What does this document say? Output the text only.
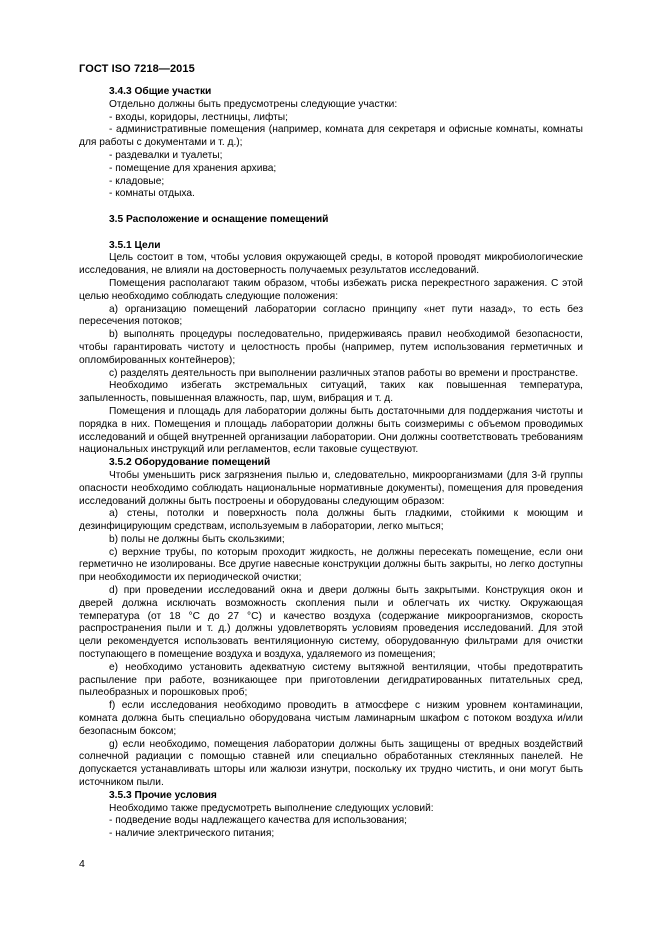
ГОСТ ISO 7218—2015

3.4.3 Общие участки

Отдельно должны быть предусмотрены следующие участки:

- входы, коридоры, лестницы, лифты;

- административные помещения (например, комната для секретаря и офисные комнаты, комнаты для работы с документами и т. д.);

- раздевалки и туалеты;

- помещение для хранения архива;

- кладовые;

- комнаты отдыха.

3.5 Расположение и оснащение помещений

3.5.1 Цели

Цель состоит в том, чтобы условия окружающей среды, в которой проводят микробиологические исследования, не влияли на достоверность получаемых результатов исследований.

Помещения располагают таким образом, чтобы избежать риска перекрестного заражения. С этой целью необходимо соблюдать следующие положения:

a) организацию помещений лаборатории согласно принципу «нет пути назад», то есть без пересечения потоков;

b) выполнять процедуры последовательно, придерживаясь правил необходимой безопасности, чтобы гарантировать чистоту и целостность пробы (например, путем использования герметичных и опломбированных контейнеров);

c) разделять деятельность при выполнении различных этапов работы во времени и пространстве.

Необходимо избегать экстремальных ситуаций, таких как повышенная температура, запыленность, повышенная влажность, пар, шум, вибрация и т. д.

Помещения и площадь для лаборатории должны быть достаточными для поддержания чистоты и порядка в них. Помещения и площадь лаборатории должны быть соизмеримы с объемом проводимых исследований и общей внутренней организации лаборатории. Они должны соответствовать требованиям национальных инструкций или регламентов, если таковые существуют.

3.5.2 Оборудование помещений

Чтобы уменьшить риск загрязнения пылью и, следовательно, микроорганизмами (для 3-й группы опасности необходимо соблюдать национальные нормативные документы), помещения для проведения исследований должны быть построены и оборудованы следующим образом:

a) стены, потолки и поверхность пола должны быть гладкими, стойкими к моющим и дезинфицирующим средствам, используемым в лаборатории, легко мыться;

b) полы не должны быть скользкими;

c) верхние трубы, по которым проходит жидкость, не должны пересекать помещение, если они герметично не изолированы. Все другие навесные конструкции должны быть закрыты, но легко доступны при необходимости их периодической очистки;

d) при проведении исследований окна и двери должны быть закрытыми. Конструкция окон и дверей должна исключать возможность скопления пыли и облегчать их чистку. Окружающая температура (от 18 °С до 27 °С) и качество воздуха (содержание микроорганизмов, скорость распространения пыли и т. д.) должны удовлетворять условиям проведения исследований. Для этой цели рекомендуется использовать вентиляционную систему, оборудованную фильтрами для очистки поступающего в помещение воздуха и воздуха, удаляемого из помещения;

e) необходимо установить адекватную систему вытяжной вентиляции, чтобы предотвратить распыление при работе, возникающее при приготовлении дегидратированных питательных сред, пылеобразных и порошковых проб;

f) если исследования необходимо проводить в атмосфере с низким уровнем контаминации, комната должна быть специально оборудована чистым ламинарным шкафом с потоком воздуха и/или безопасным боксом;

g) если необходимо, помещения лаборатории должны быть защищены от вредных воздействий солнечной радиации с помощью ставней или специально обработанных стеклянных панелей. Не допускается устанавливать шторы или жалюзи изнутри, поскольку их трудно чистить, и они могут быть источником пыли.

3.5.3 Прочие условия

Необходимо также предусмотреть выполнение следующих условий:

- подведение воды надлежащего качества для использования;

- наличие электрического питания;

4
